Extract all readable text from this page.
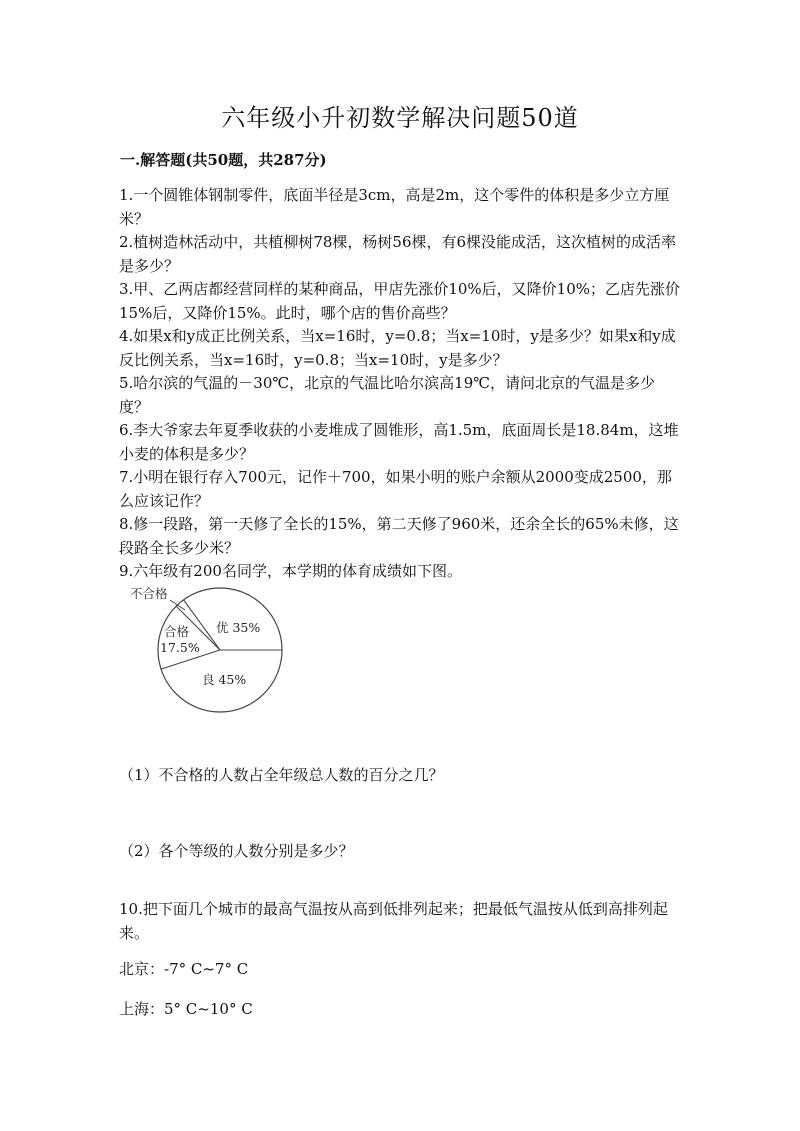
六年级小升初数学解决问题50道
一.解答题(共50题，共287分)

1.一个圆锥体钢制零件，底面半径是3cm，高是2m，这个零件的体积是多少立方厘米？

2.植树造林活动中，共植柳树78棵，杨树56棵，有6棵没能成活，这次植树的成活率是多少？

3.甲、乙两店都经营同样的某种商品，甲店先涨价10%后，又降价10%；乙店先涨价15%后，又降价15%。此时，哪个店的售价高些？

4.如果x和y成正比例关系，当x=16时，y=0.8；当x=10时，y是多少？如果x和y成反比例关系，当x=16时，y=0.8；当x=10时，y是多少？

5.哈尔滨的气温的－30℃，北京的气温比哈尔滨高19℃，请问北京的气温是多少度？

6.李大爷家去年夏季收获的小麦堆成了圆锥形，高1.5m，底面周长是18.84m，这堆小麦的体积是多少？

7.小明在银行存入700元，记作＋700，如果小明的账户余额从2000变成2500，那么应该记作？

8.修一段路，第一天修了全长的15%，第二天修了960米，还余全长的65%未修，这段路全长多少米？

9.六年级有200名同学，本学期的体育成绩如下图。

不合格
优 35%
良 45%
合格
17.5%
（1）不合格的人数占全年级总人数的百分之几？
（2）各个等级的人数分别是多少？
10.把下面几个城市的最高气温按从高到低排列起来；把最低气温按从低到高排列起来。
北京：-7° C~7° C
上海：5° C~10° C
